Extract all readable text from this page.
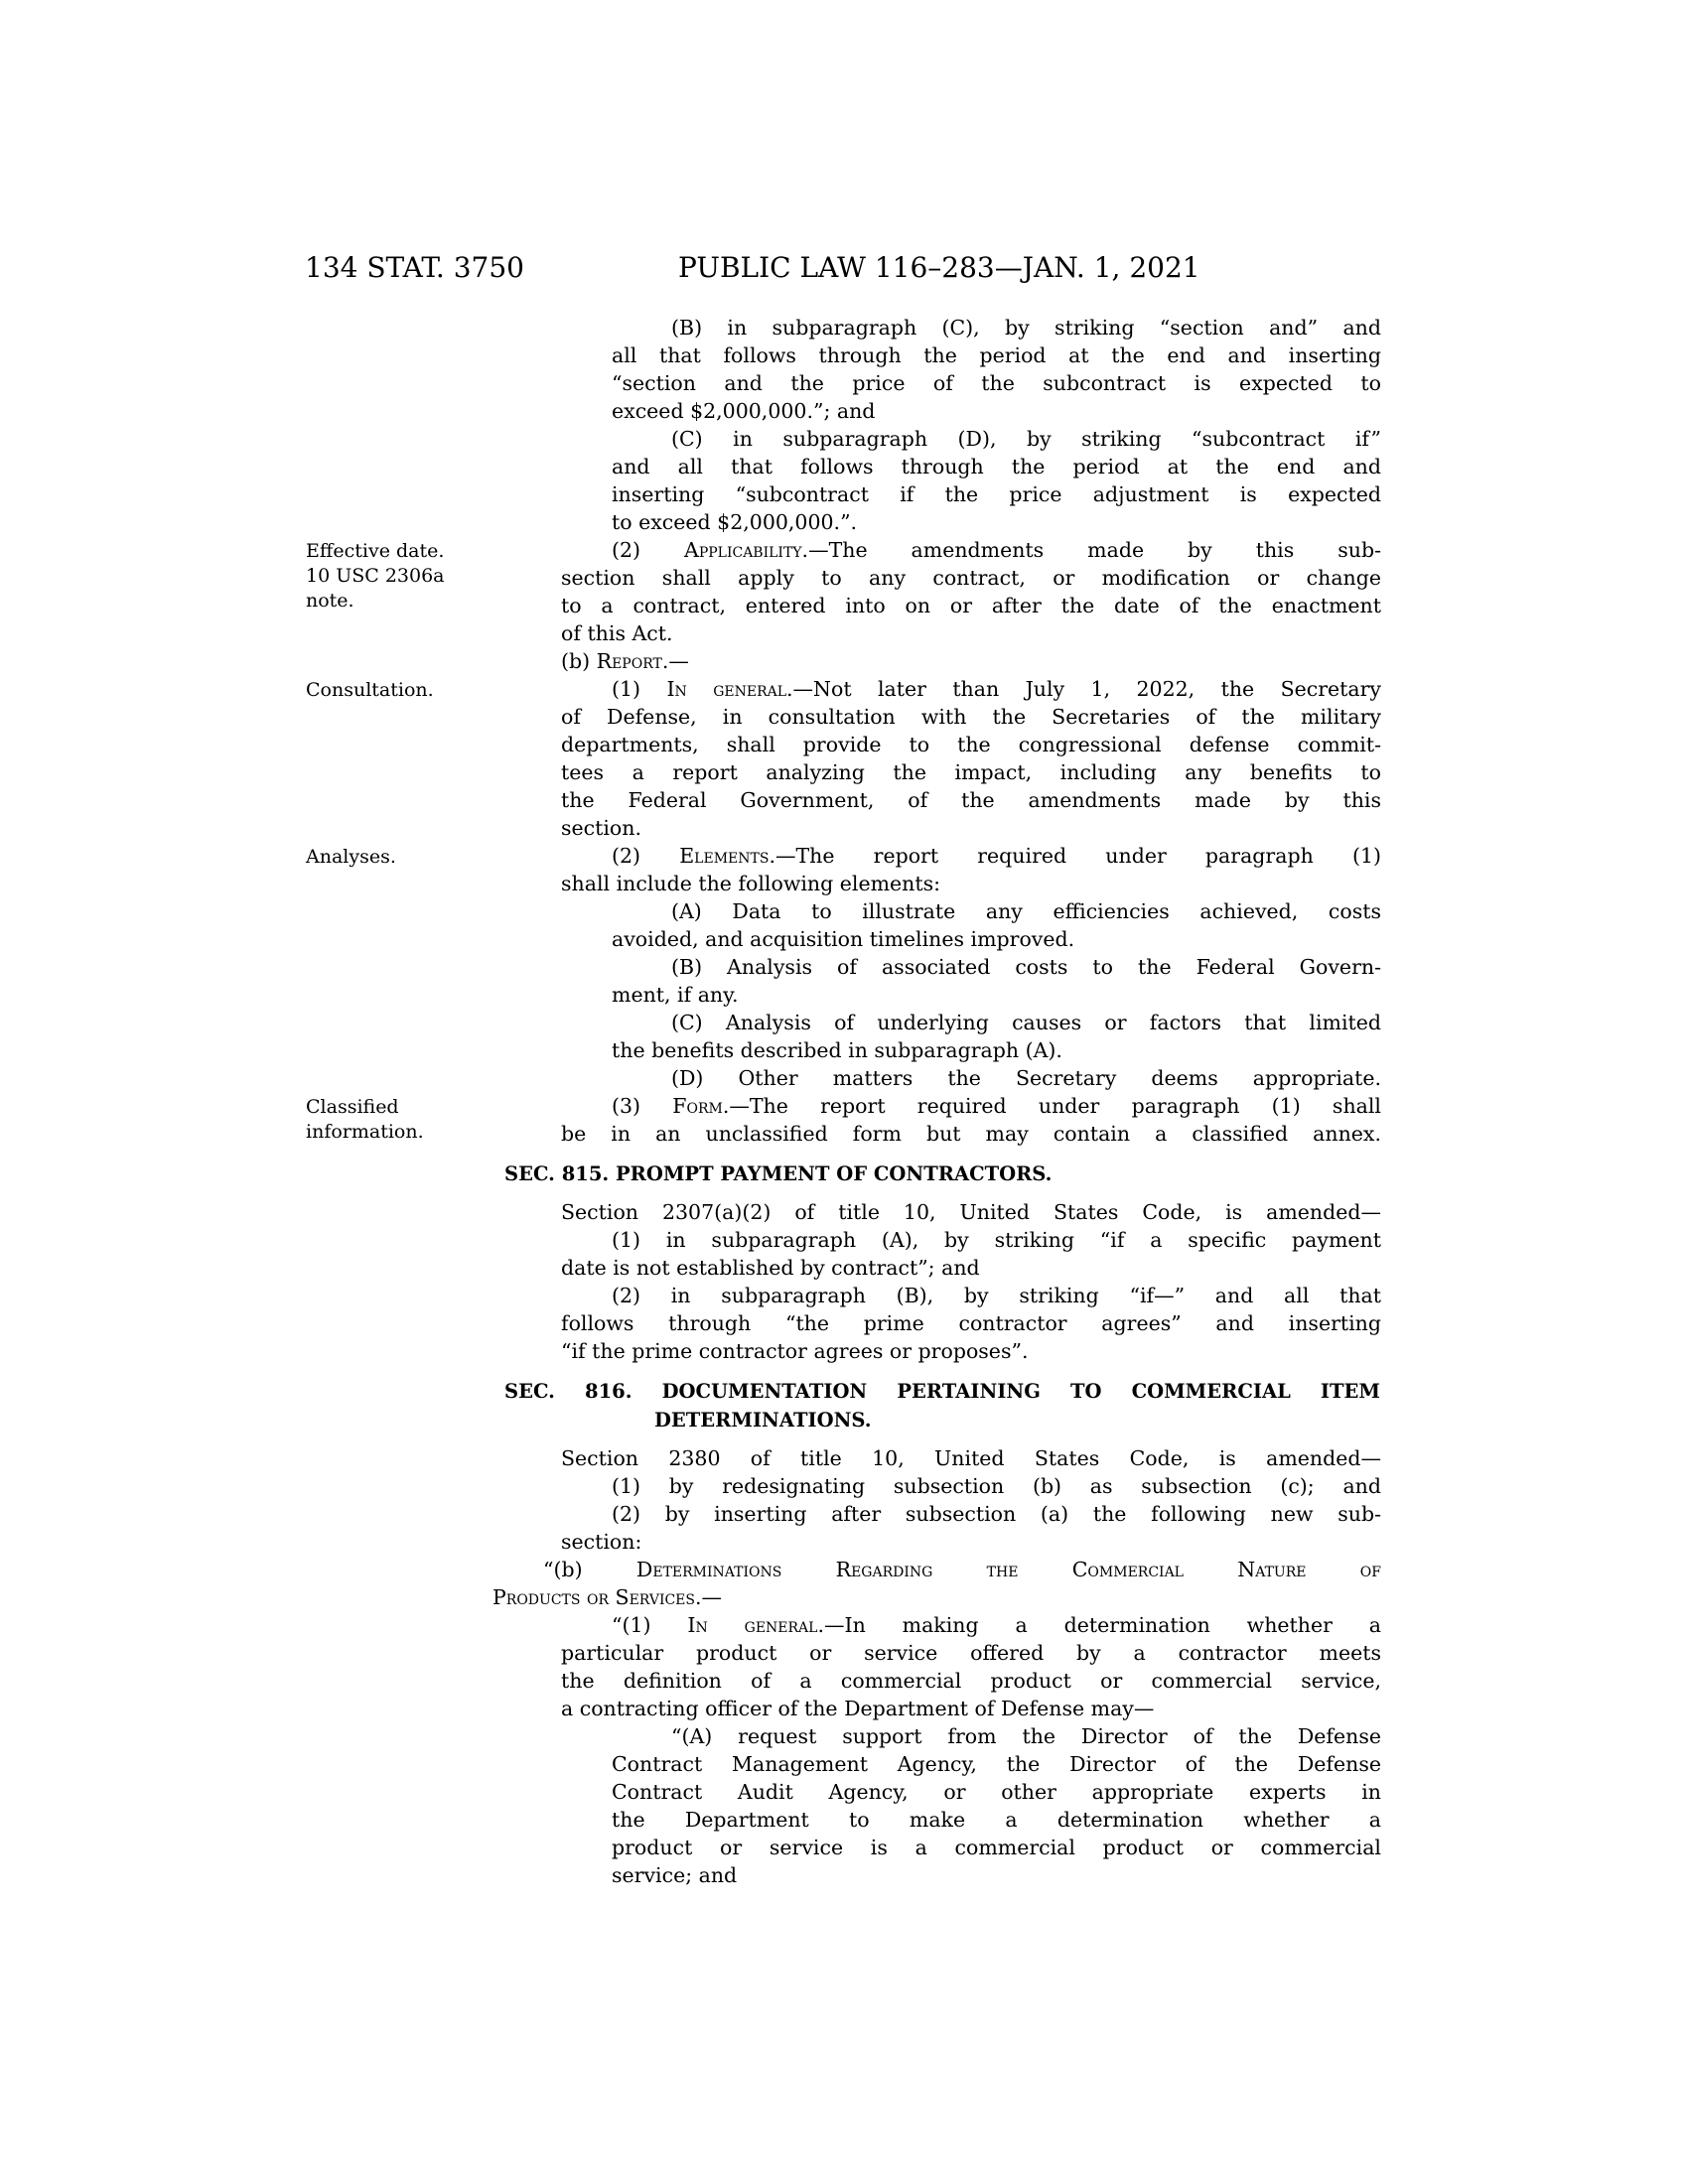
134 STAT. 3750	PUBLIC LAW 116–283—JAN. 1, 2021
Effective date.
10 USC 2306a
note.
Consultation.
Analyses.
Classified
information.
(B) in subparagraph (C), by striking “section and” and
all that follows through the period at the end and inserting
“section and the price of the subcontract is expected to
exceed $2,000,000.”; and
(C) in subparagraph (D), by striking “subcontract if”
and all that follows through the period at the end and
inserting “subcontract if the price adjustment is expected
to exceed $2,000,000.”.
(2) Applicability.—The amendments made by this sub-
section shall apply to any contract, or modification or change
to a contract, entered into on or after the date of the enactment
of this Act.
(b) Report.—
(1) In general.—Not later than July 1, 2022, the Secretary
of Defense, in consultation with the Secretaries of the military
departments, shall provide to the congressional defense commit-
tees a report analyzing the impact, including any benefits to
the Federal Government, of the amendments made by this
section.
(2) Elements.—The report required under paragraph (1)
shall include the following elements:
(A) Data to illustrate any efficiencies achieved, costs
avoided, and acquisition timelines improved.
(B) Analysis of associated costs to the Federal Govern-
ment, if any.
(C) Analysis of underlying causes or factors that limited
the benefits described in subparagraph (A).
(D) Other matters the Secretary deems appropriate.
(3) Form.—The report required under paragraph (1) shall
be in an unclassified form but may contain a classified annex.
SEC. 815. PROMPT PAYMENT OF CONTRACTORS.
Section 2307(a)(2) of title 10, United States Code, is amended—
(1) in subparagraph (A), by striking “if a specific payment
date is not established by contract”; and
(2) in subparagraph (B), by striking “if—” and all that
follows through “the prime contractor agrees” and inserting
“if the prime contractor agrees or proposes”.
SEC. 816. DOCUMENTATION PERTAINING TO COMMERCIAL ITEM
DETERMINATIONS.
Section 2380 of title 10, United States Code, is amended—
(1) by redesignating subsection (b) as subsection (c); and
(2) by inserting after subsection (a) the following new sub-
section:
“(b) Determinations Regarding the Commercial Nature of
Products or Services.—
“(1) In general.—In making a determination whether a
particular product or service offered by a contractor meets
the definition of a commercial product or commercial service,
a contracting officer of the Department of Defense may—
“(A) request support from the Director of the Defense
Contract Management Agency, the Director of the Defense
Contract Audit Agency, or other appropriate experts in
the Department to make a determination whether a
product or service is a commercial product or commercial
service; and
